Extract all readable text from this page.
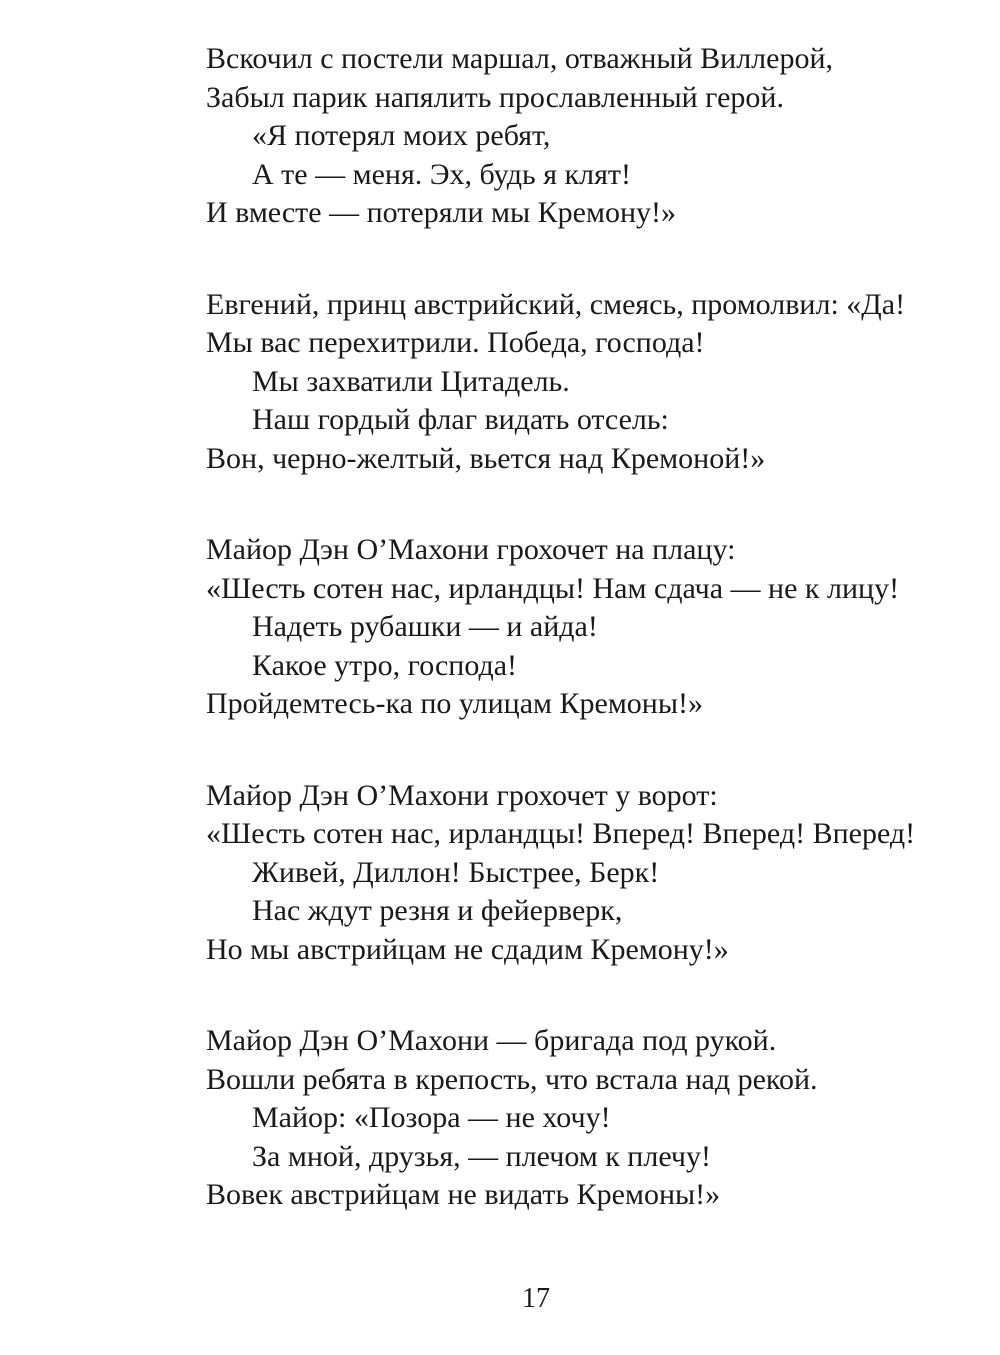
Вскочил с постели маршал, отважный Виллерой,
Забыл парик напялить прославленный герой.
«Я потерял моих ребят,
А те — меня. Эх, будь я клят!
И вместе — потеряли мы Кремону!»
Евгений, принц австрийский, смеясь, промолвил: «Да!
Мы вас перехитрили. Победа, господа!
Мы захватили Цитадель.
Наш гордый флаг видать отсель:
Вон, черно-желтый, вьется над Кремоной!»
Майор Дэн О’Махони грохочет на плацу:
«Шесть сотен нас, ирландцы! Нам сдача — не к лицу!
Надеть рубашки — и айда!
Какое утро, господа!
Пройдемтесь-ка по улицам Кремоны!»
Майор Дэн О’Махони грохочет у ворот:
«Шесть сотен нас, ирландцы! Вперед! Вперед! Вперед!
Живей, Диллон! Быстрее, Берк!
Нас ждут резня и фейерверк,
Но мы австрийцам не сдадим Кремону!»
Майор Дэн О’Махони — бригада под рукой.
Вошли ребята в крепость, что встала над рекой.
Майор: «Позора — не хочу!
За мной, друзья, — плечом к плечу!
Вовек австрийцам не видать Кремоны!»
17
